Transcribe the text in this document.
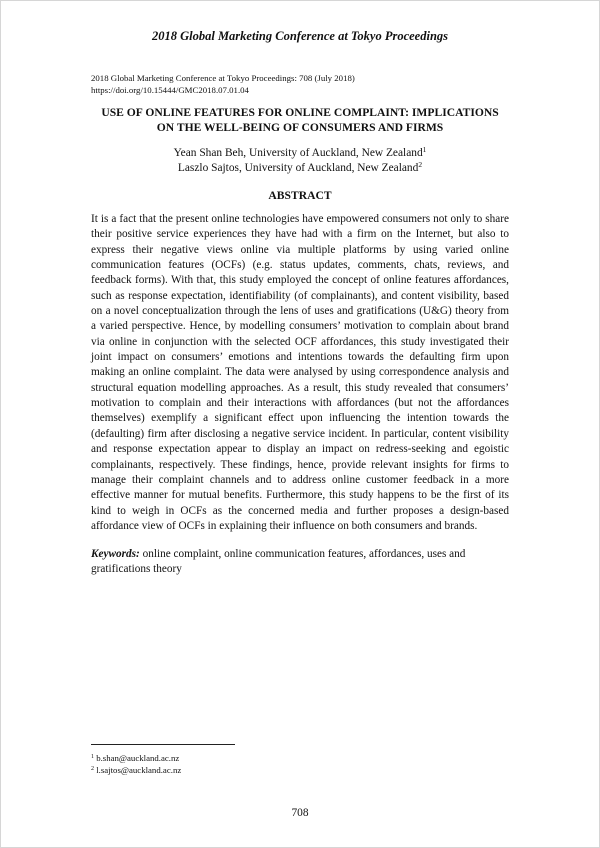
2018 Global Marketing Conference at Tokyo Proceedings
2018 Global Marketing Conference at Tokyo Proceedings: 708 (July 2018)
https://doi.org/10.15444/GMC2018.07.01.04
USE OF ONLINE FEATURES FOR ONLINE COMPLAINT: IMPLICATIONS
ON THE WELL-BEING OF CONSUMERS AND FIRMS
Yean Shan Beh, University of Auckland, New Zealand$^1$
Laszlo Sajtos, University of Auckland, New Zealand$^2$
ABSTRACT

It is a fact that the present online technologies have empowered consumers not only to share their positive service experiences they have had with a firm on the Internet, but also to express their negative views online via multiple platforms by using varied online communication features (OCFs) (e.g. status updates, comments, chats, reviews, and feedback forms). With that, this study employed the concept of online features affordances, such as response expectation, identifiability (of complainants), and content visibility, based on a novel conceptualization through the lens of uses and gratifications (U&G) theory from a varied perspective. Hence, by modelling consumers’ motivation to complain about brand via online in conjunction with the selected OCF affordances, this study investigated their joint impact on consumers’ emotions and intentions towards the defaulting firm upon making an online complaint. The data were analysed by using correspondence analysis and structural equation modelling approaches. As a result, this study revealed that consumers’ motivation to complain and their interactions with affordances (but not the affordances themselves) exemplify a significant effect upon influencing the intention towards the (defaulting) firm after disclosing a negative service incident. In particular, content visibility and response expectation appear to display an impact on redress-seeking and egoistic complainants, respectively. These findings, hence, provide relevant insights for firms to manage their complaint channels and to address online customer feedback in a more effective manner for mutual benefits. Furthermore, this study happens to be the first of its kind to weigh in OCFs as the concerned media and further proposes a design-based affordance view of OCFs in explaining their influence on both consumers and brands.

Keywords: online complaint, online communication features, affordances, uses and gratifications theory

$^1$ b.shan@auckland.ac.nz
$^2$ l.sajtos@auckland.ac.nz
708
